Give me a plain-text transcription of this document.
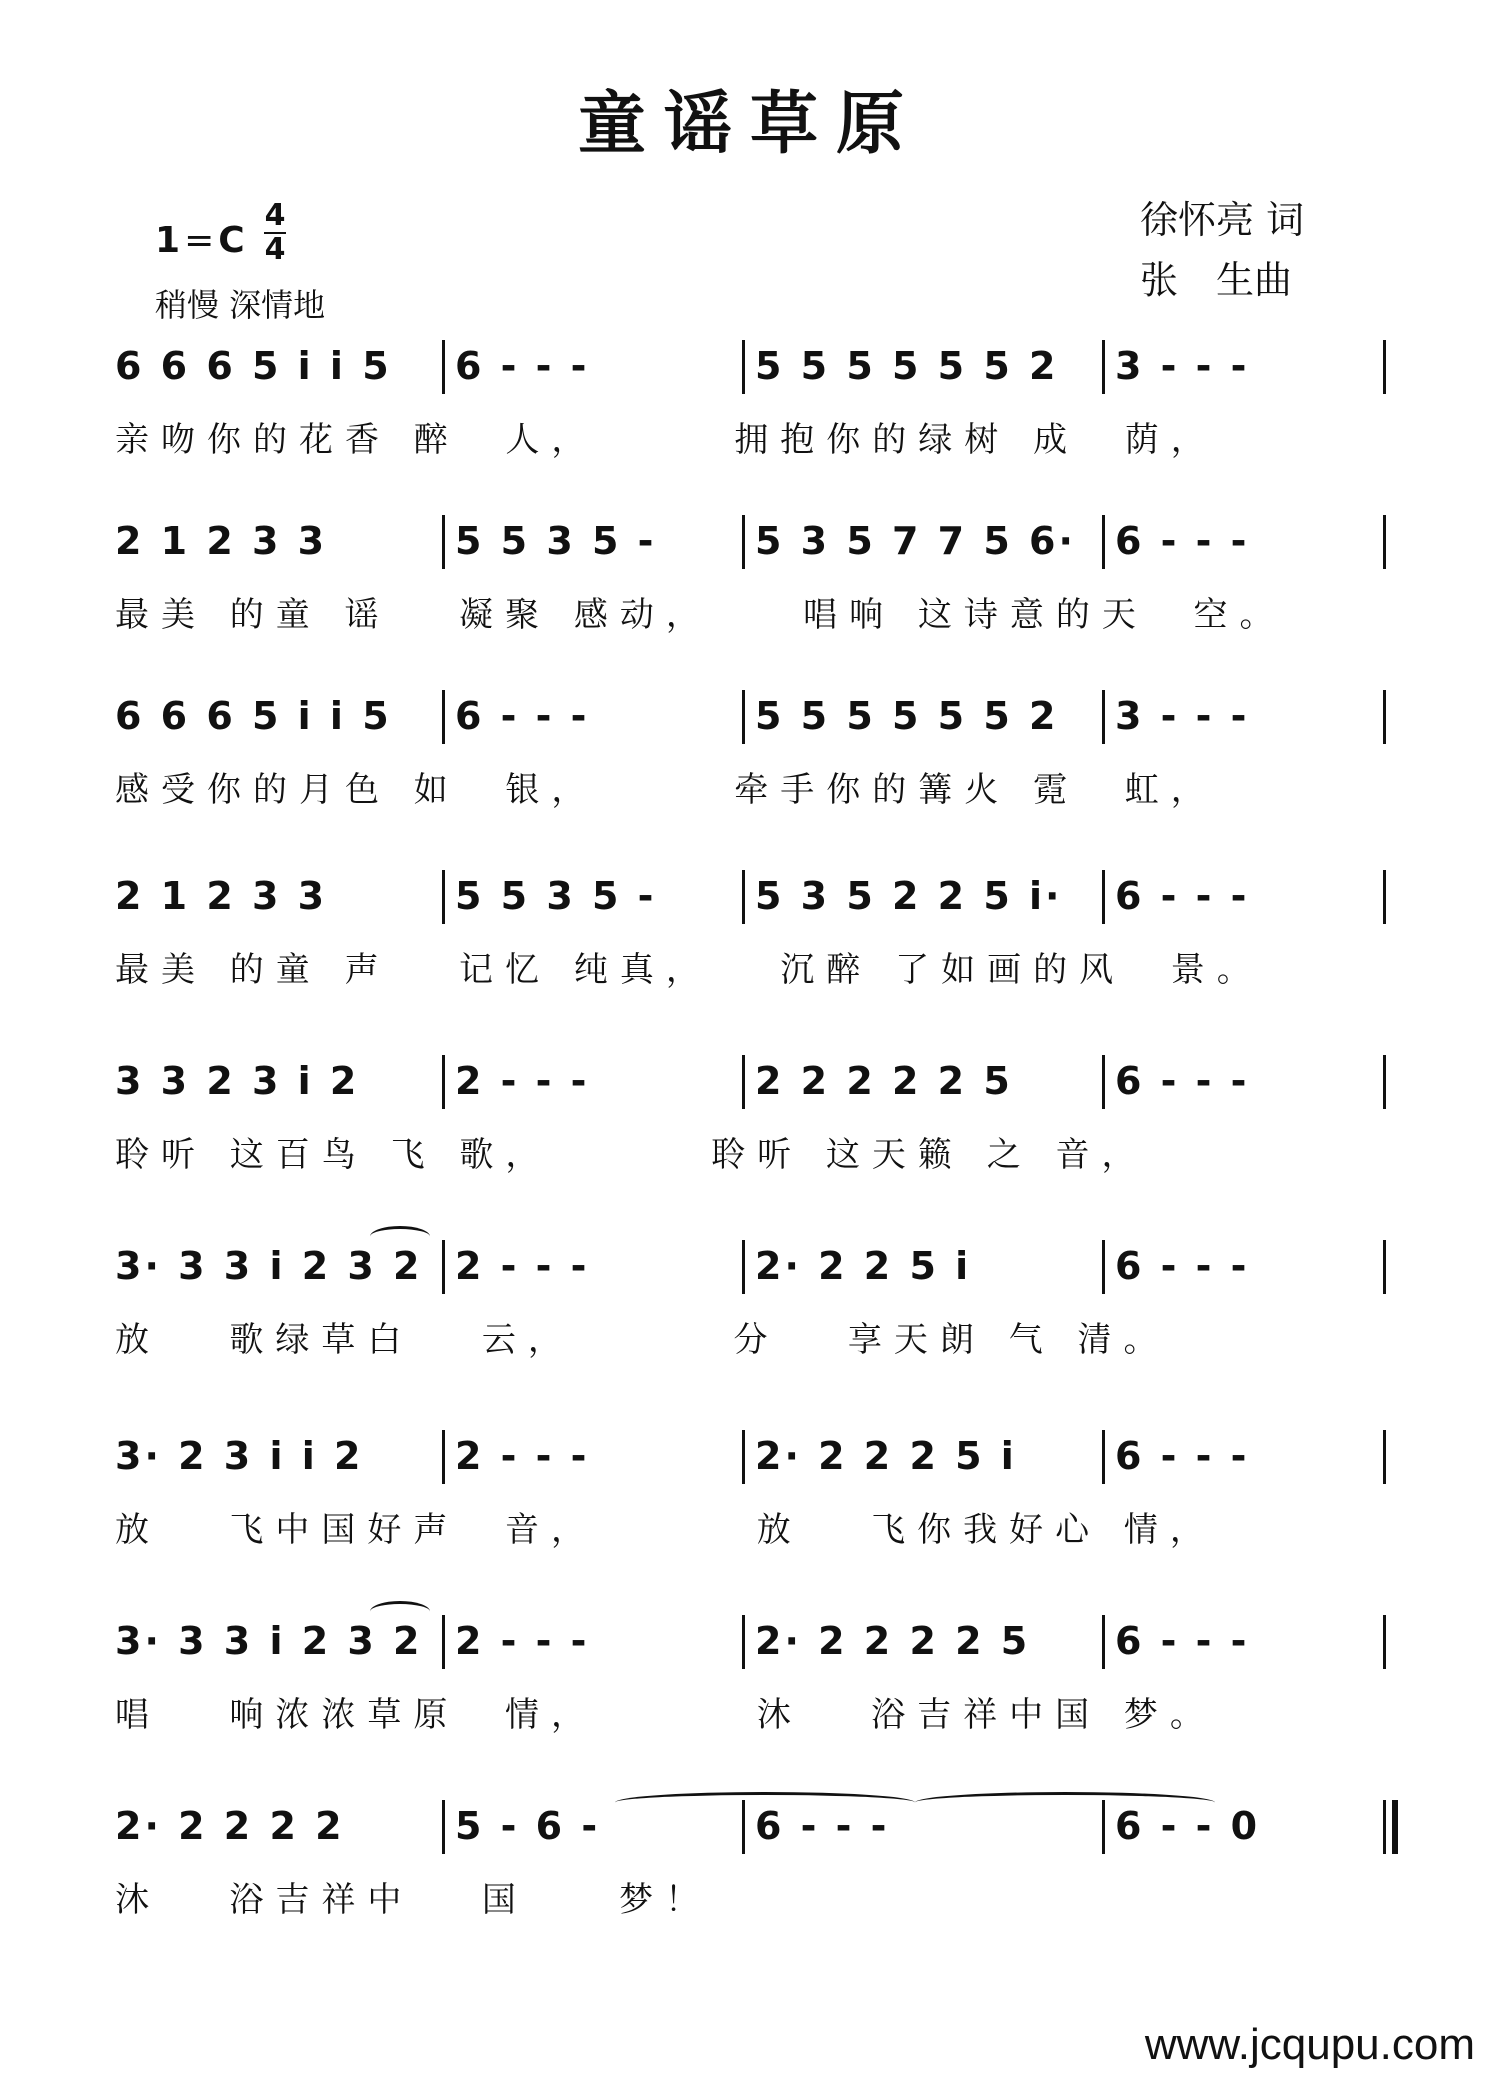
童谣草原
1 = C
4
4
稍慢 深情地
徐怀亮 词
张　生曲
6 6 6 5 i i 5 6 - - -	5 5 5 5 5 5 2 3 - - -
亲吻你的花香 醉  人，      拥抱你的绿树 成  荫，
2 1 2 3 3	5 5 3 5 -	5 3 5 7 7 5 6· 6 - - -
最美 的童 谣   凝聚 感动，    唱响 这诗意的天  空。
6 6 6 5 i i 5 6 - - -	5 5 5 5 5 5 2 3 - - -
感受你的月色 如  银，      牵手你的篝火 霓  虹，
2 1 2 3 3	5 5 3 5 -	5 3 5 2 2 5 i· 6 - - -
最美 的童 声   记忆 纯真，   沉醉 了如画的风  景。
3 3 2 3 i 2	2 - - -	2 2 2 2 2 5	6 - - -
聆听 这百鸟 飞 歌，       聆听 这天籁 之 音，
3· 3 3 i 2 3 2 2 - - -	2· 2 2 5 i	6 - - -
放   歌绿草白   云，       分   享天朗 气 清。
3· 2 3 i i 2 2 - - -	2· 2 2 2 5 i	6 - - -
放   飞中国好声  音，       放   飞你我好心 情，
3· 3 3 i 2 3 2 2 - - -	2· 2 2 2 2 5 6 - - -
唱   响浓浓草原  情，       沐   浴吉祥中国 梦。
2· 2 2 2 2	5 - 6 -	6 - - -	6 - - 0
沐   浴吉祥中   国    梦！
www.jcqupu.com
